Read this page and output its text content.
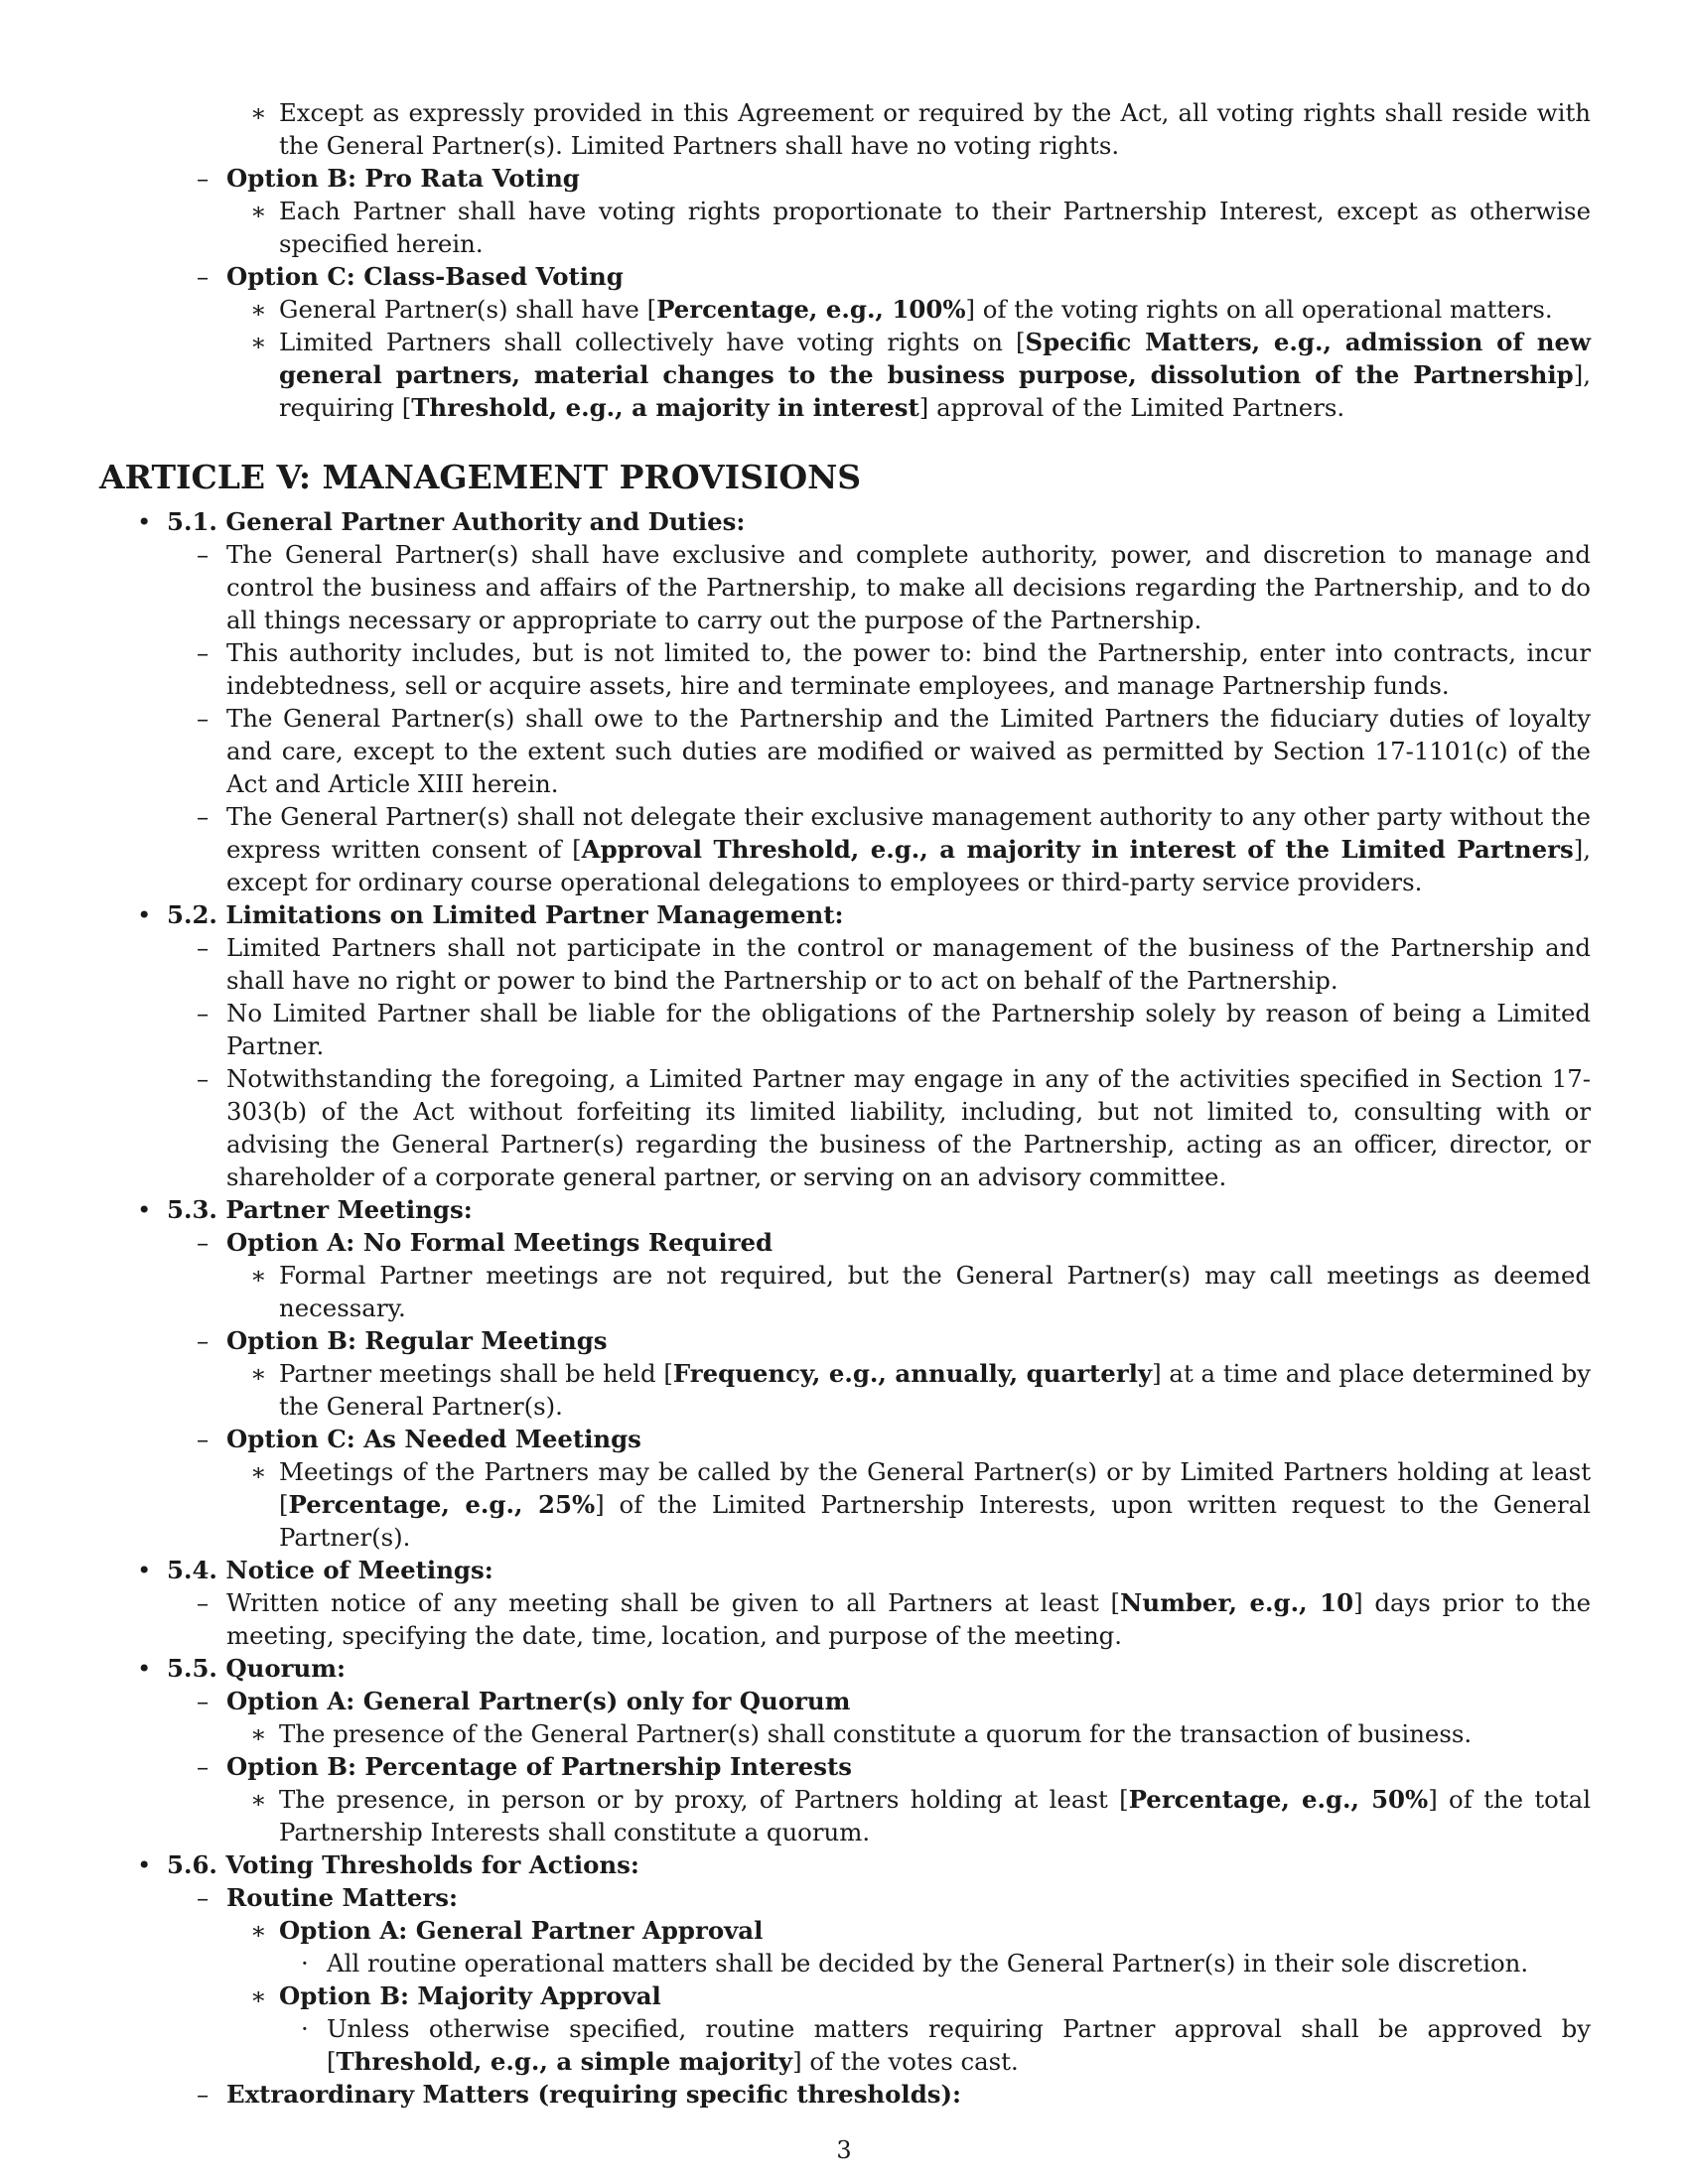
∗ Except as expressly provided in this Agreement or required by the Act, all voting rights shall reside with the General Partner(s). Limited Partners shall have no voting rights.
– Option B: Pro Rata Voting
∗ Each Partner shall have voting rights proportionate to their Partnership Interest, except as otherwise specified herein.
– Option C: Class-Based Voting
∗ General Partner(s) shall have [Percentage, e.g., 100%] of the voting rights on all operational matters.
∗ Limited Partners shall collectively have voting rights on [Specific Matters, e.g., admission of new general partners, material changes to the business purpose, dissolution of the Partnership], requiring [Threshold, e.g., a majority in interest] approval of the Limited Partners.
ARTICLE V: MANAGEMENT PROVISIONS
• 5.1. General Partner Authority and Duties:
– The General Partner(s) shall have exclusive and complete authority, power, and discretion to manage and control the business and affairs of the Partnership, to make all decisions regarding the Partnership, and to do all things necessary or appropriate to carry out the purpose of the Partnership.
– This authority includes, but is not limited to, the power to: bind the Partnership, enter into contracts, incur indebtedness, sell or acquire assets, hire and terminate employees, and manage Partnership funds.
– The General Partner(s) shall owe to the Partnership and the Limited Partners the fiduciary duties of loyalty and care, except to the extent such duties are modified or waived as permitted by Section 17-1101(c) of the Act and Article XIII herein.
– The General Partner(s) shall not delegate their exclusive management authority to any other party without the express written consent of [Approval Threshold, e.g., a majority in interest of the Limited Partners], except for ordinary course operational delegations to employees or third-party service providers.
• 5.2. Limitations on Limited Partner Management:
– Limited Partners shall not participate in the control or management of the business of the Partnership and shall have no right or power to bind the Partnership or to act on behalf of the Partnership.
– No Limited Partner shall be liable for the obligations of the Partnership solely by reason of being a Limited Partner.
– Notwithstanding the foregoing, a Limited Partner may engage in any of the activities specified in Section 17-303(b) of the Act without forfeiting its limited liability, including, but not limited to, consulting with or advising the General Partner(s) regarding the business of the Partnership, acting as an officer, director, or shareholder of a corporate general partner, or serving on an advisory committee.
• 5.3. Partner Meetings:
– Option A: No Formal Meetings Required
∗ Formal Partner meetings are not required, but the General Partner(s) may call meetings as deemed necessary.
– Option B: Regular Meetings
∗ Partner meetings shall be held [Frequency, e.g., annually, quarterly] at a time and place determined by the General Partner(s).
– Option C: As Needed Meetings
∗ Meetings of the Partners may be called by the General Partner(s) or by Limited Partners holding at least [Percentage, e.g., 25%] of the Limited Partnership Interests, upon written request to the General Partner(s).
• 5.4. Notice of Meetings:
– Written notice of any meeting shall be given to all Partners at least [Number, e.g., 10] days prior to the meeting, specifying the date, time, location, and purpose of the meeting.
• 5.5. Quorum:
– Option A: General Partner(s) only for Quorum
∗ The presence of the General Partner(s) shall constitute a quorum for the transaction of business.
– Option B: Percentage of Partnership Interests
∗ The presence, in person or by proxy, of Partners holding at least [Percentage, e.g., 50%] of the total Partnership Interests shall constitute a quorum.
• 5.6. Voting Thresholds for Actions:
– Routine Matters:
∗ Option A: General Partner Approval
· All routine operational matters shall be decided by the General Partner(s) in their sole discretion.
∗ Option B: Majority Approval
· Unless otherwise specified, routine matters requiring Partner approval shall be approved by [Threshold, e.g., a simple majority] of the votes cast.
– Extraordinary Matters (requiring specific thresholds):
3
